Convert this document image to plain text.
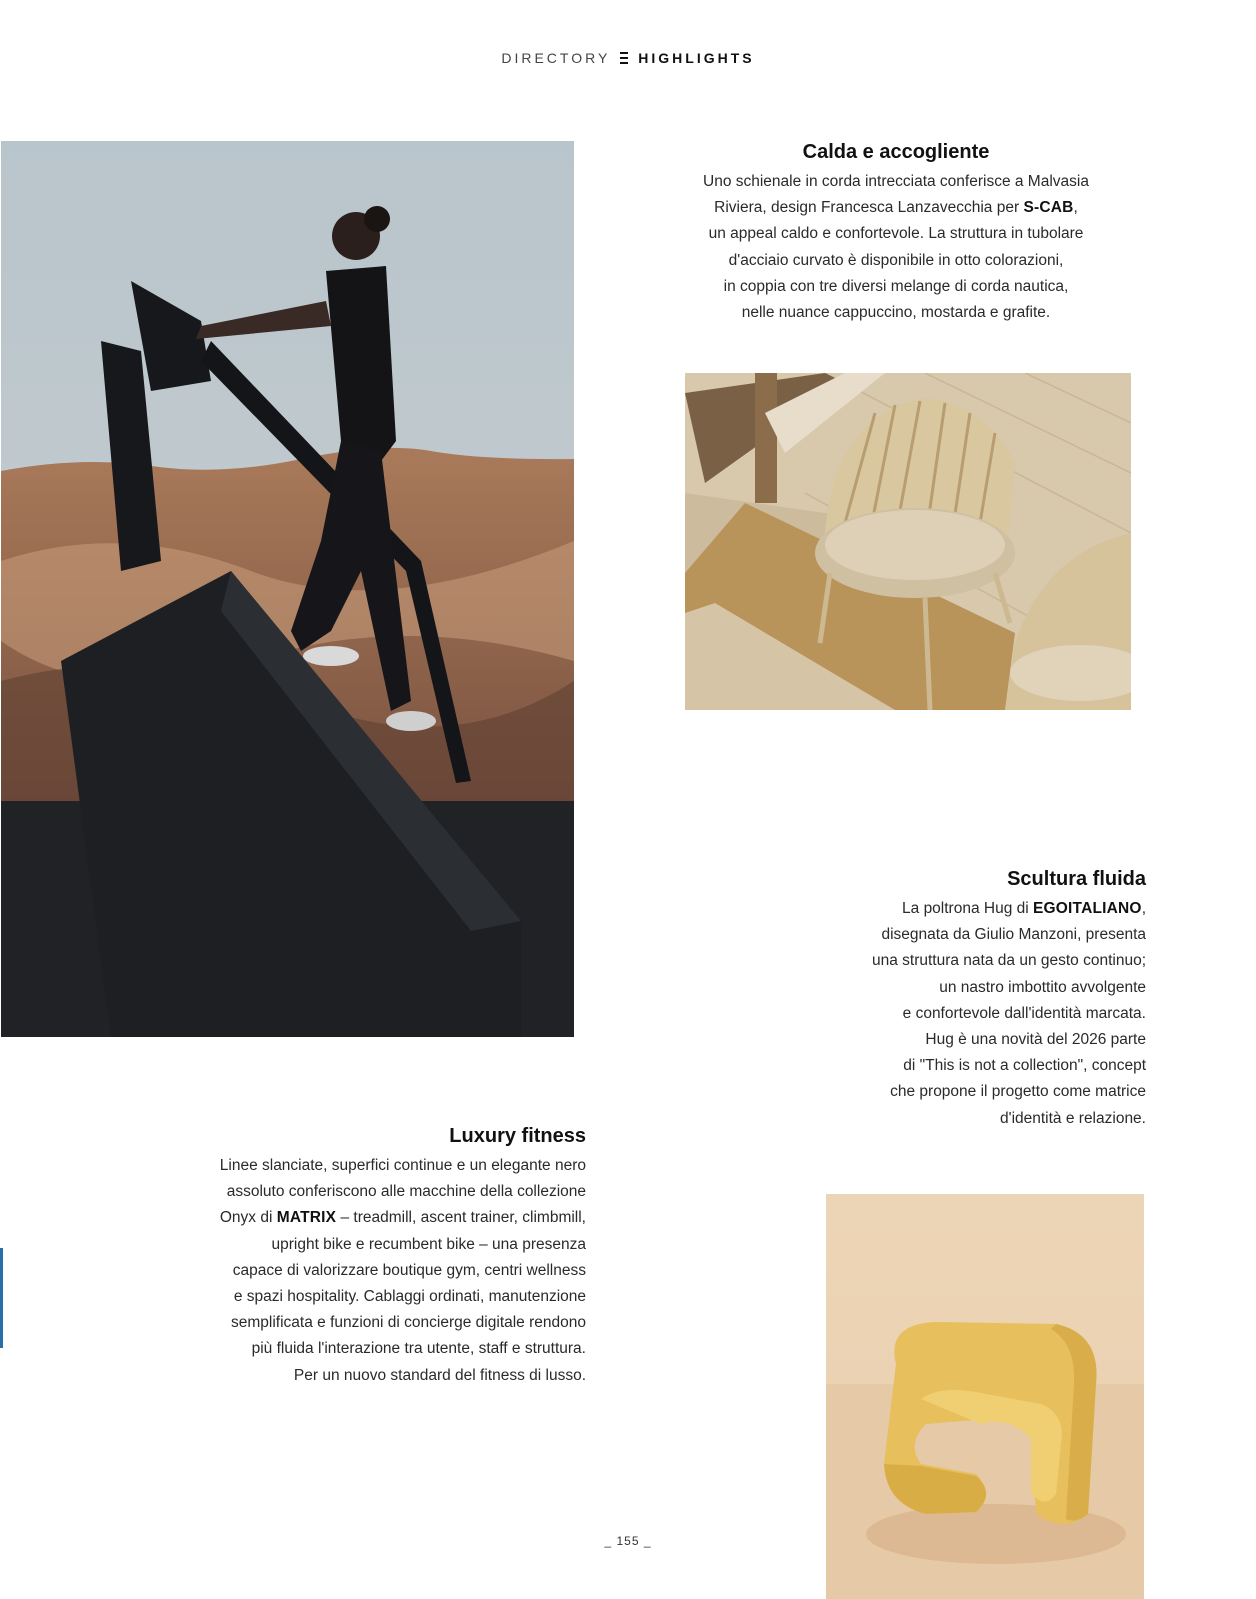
DIRECTORY HIGHLIGHTS
Calda e accogliente
Uno schienale in corda intrecciata conferisce a Malvasia
Riviera, design Francesca Lanzavecchia per S-CAB,
un appeal caldo e confortevole. La struttura in tubolare
d'acciaio curvato è disponibile in otto colorazioni,
in coppia con tre diversi melange di corda nautica,
nelle nuance cappuccino, mostarda e grafite.
Scultura fluida
La poltrona Hug di EGOITALIANO,
disegnata da Giulio Manzoni, presenta
una struttura nata da un gesto continuo;
un nastro imbottito avvolgente
e confortevole dall'identità marcata.
Hug è una novità del 2026 parte
di "This is not a collection", concept
che propone il progetto come matrice
d'identità e relazione.
Luxury fitness
Linee slanciate, superfici continue e un elegante nero
assoluto conferiscono alle macchine della collezione
Onyx di MATRIX – treadmill, ascent trainer, climbmill,
upright bike e recumbent bike – una presenza
capace di valorizzare boutique gym, centri wellness
e spazi hospitality. Cablaggi ordinati, manutenzione
semplificata e funzioni di concierge digitale rendono
più fluida l'interazione tra utente, staff e struttura.
Per un nuovo standard del fitness di lusso.
_ 155 _
